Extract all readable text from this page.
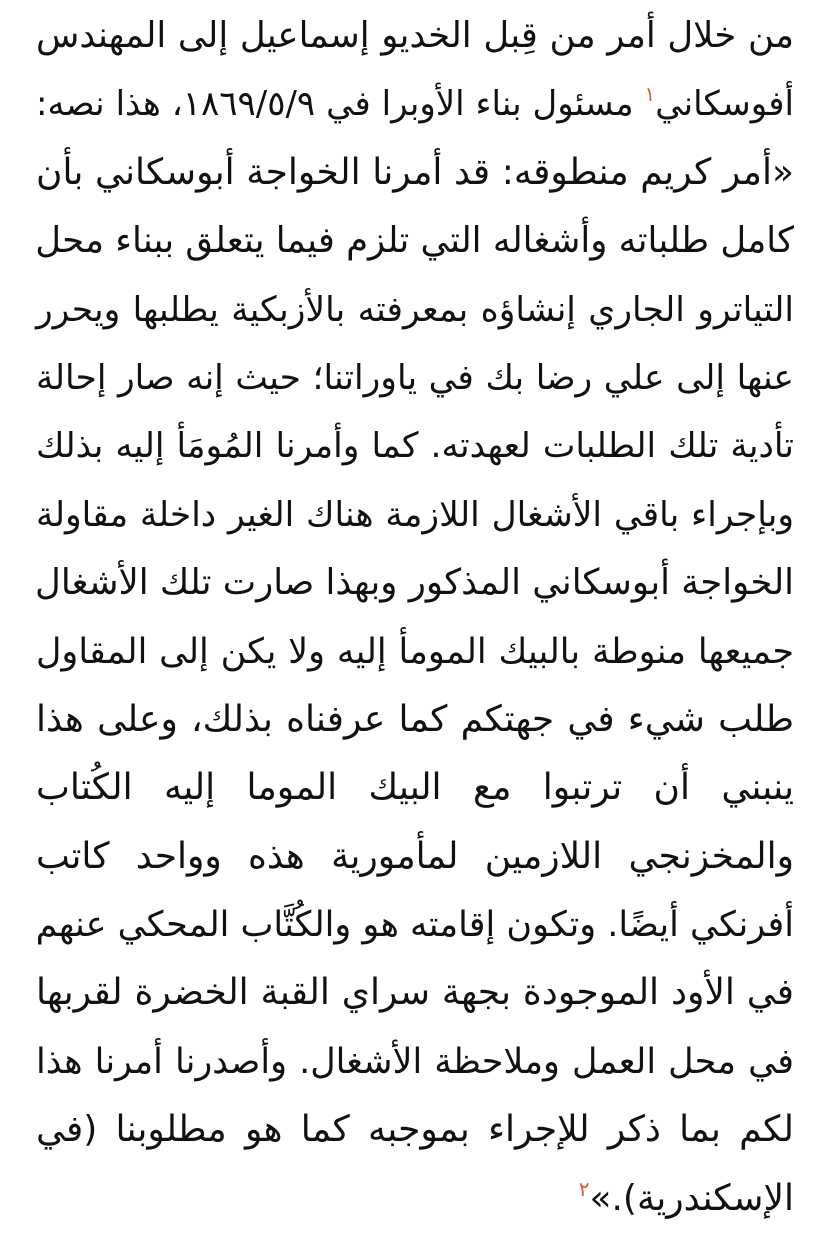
من خلال أمر من قِبل الخديو إسماعيل إلى المهندس
أفوسكاني$^١$ مسئول بناء الأوبرا في ١٨٦٩/٥/٩، هذا نصه:
«أمر كريم منطوقه: قد أمرنا الخواجة أبوسكاني بأن
كامل طلباته وأشغاله التي تلزم فيما يتعلق ببناء محل
التياترو الجاري إنشاؤه بمعرفته بالأزبكية يطلبها ويحرر
عنها إلى علي رضا بك في ياوراتنا؛ حيث إنه صار إحالة
تأدية تلك الطلبات لعهدته. كما وأمرنا المُومَأ إليه بذلك
وبإجراء باقي الأشغال اللازمة هناك الغير داخلة مقاولة
الخواجة أبوسكاني المذكور وبهذا صارت تلك الأشغال
جميعها منوطة بالبيك المومأ إليه ولا يكن إلى المقاول
طلب شيء في جهتكم كما عرفناه بذلك، وعلى هذا
ينبني أن ترتبوا مع البيك الموما إليه الكُتاب
والمخزنجي اللازمين لمأمورية هذه وواحد كاتب
أفرنكي أيضًا. وتكون إقامته هو والكُتَّاب المحكي عنهم
في الأود الموجودة بجهة سراي القبة الخضرة لقربها
في محل العمل وملاحظة الأشغال. وأصدرنا أمرنا هذا
لكم بما ذكر للإجراء بموجبه كما هو مطلوبنا (في
الإسكندرية).»$^٢$
